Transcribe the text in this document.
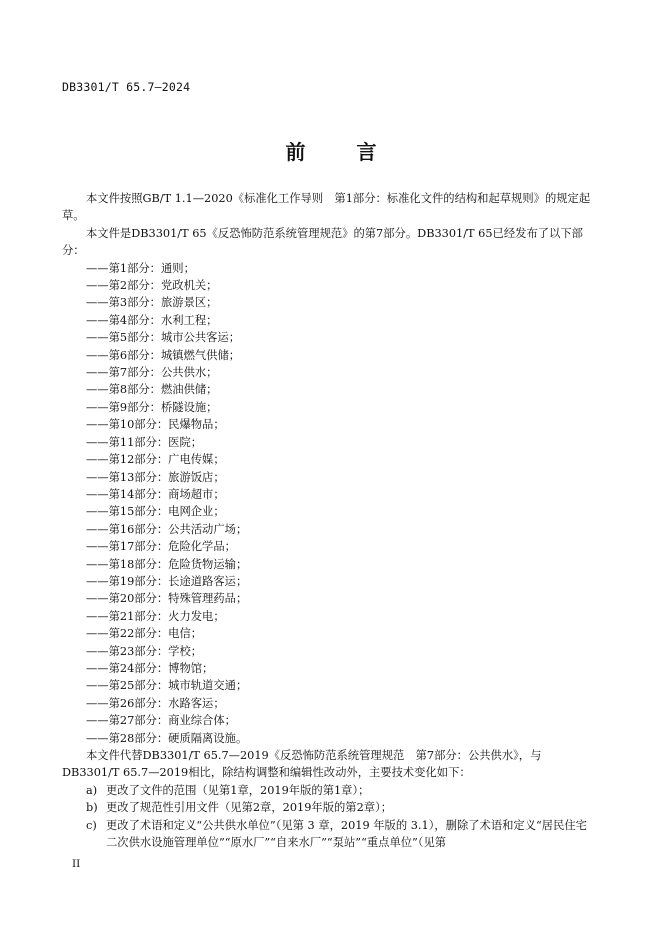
DB3301/T 65.7—2024
前 言

本文件按照GB/T 1.1—2020《标准化工作导则　第1部分：标准化文件的结构和起草规则》的规定起草。

本文件是DB3301/T 65《反恐怖防范系统管理规范》的第7部分。DB3301/T 65已经发布了以下部分：

——第1部分：通则；

——第2部分：党政机关；

——第3部分：旅游景区；

——第4部分：水利工程；

——第5部分：城市公共客运；

——第6部分：城镇燃气供储；

——第7部分：公共供水；

——第8部分：燃油供储；

——第9部分：桥隧设施；

——第10部分：民爆物品；

——第11部分：医院；

——第12部分：广电传媒；

——第13部分：旅游饭店；

——第14部分：商场超市；

——第15部分：电网企业；

——第16部分：公共活动广场；

——第17部分：危险化学品；

——第18部分：危险货物运输；

——第19部分：长途道路客运；

——第20部分：特殊管理药品；

——第21部分：火力发电；

——第22部分：电信；

——第23部分：学校；

——第24部分：博物馆；

——第25部分：城市轨道交通；

——第26部分：水路客运；

——第27部分：商业综合体；

——第28部分：硬质隔离设施。

本文件代替DB3301/T 65.7—2019《反恐怖防范系统管理规范　第7部分：公共供水》，与DB3301/T 65.7—2019相比，除结构调整和编辑性改动外，主要技术变化如下：

a) 更改了文件的范围（见第1章，2019年版的第1章）；
b) 更改了规范性引用文件（见第2章，2019年版的第2章）；
c) 更改了术语和定义“公共供水单位”（见第 3 章，2019 年版的 3.1），删除了术语和定义“居民住宅二次供水设施管理单位”“原水厂”“自来水厂”“泵站”“重点单位”（见第
II
